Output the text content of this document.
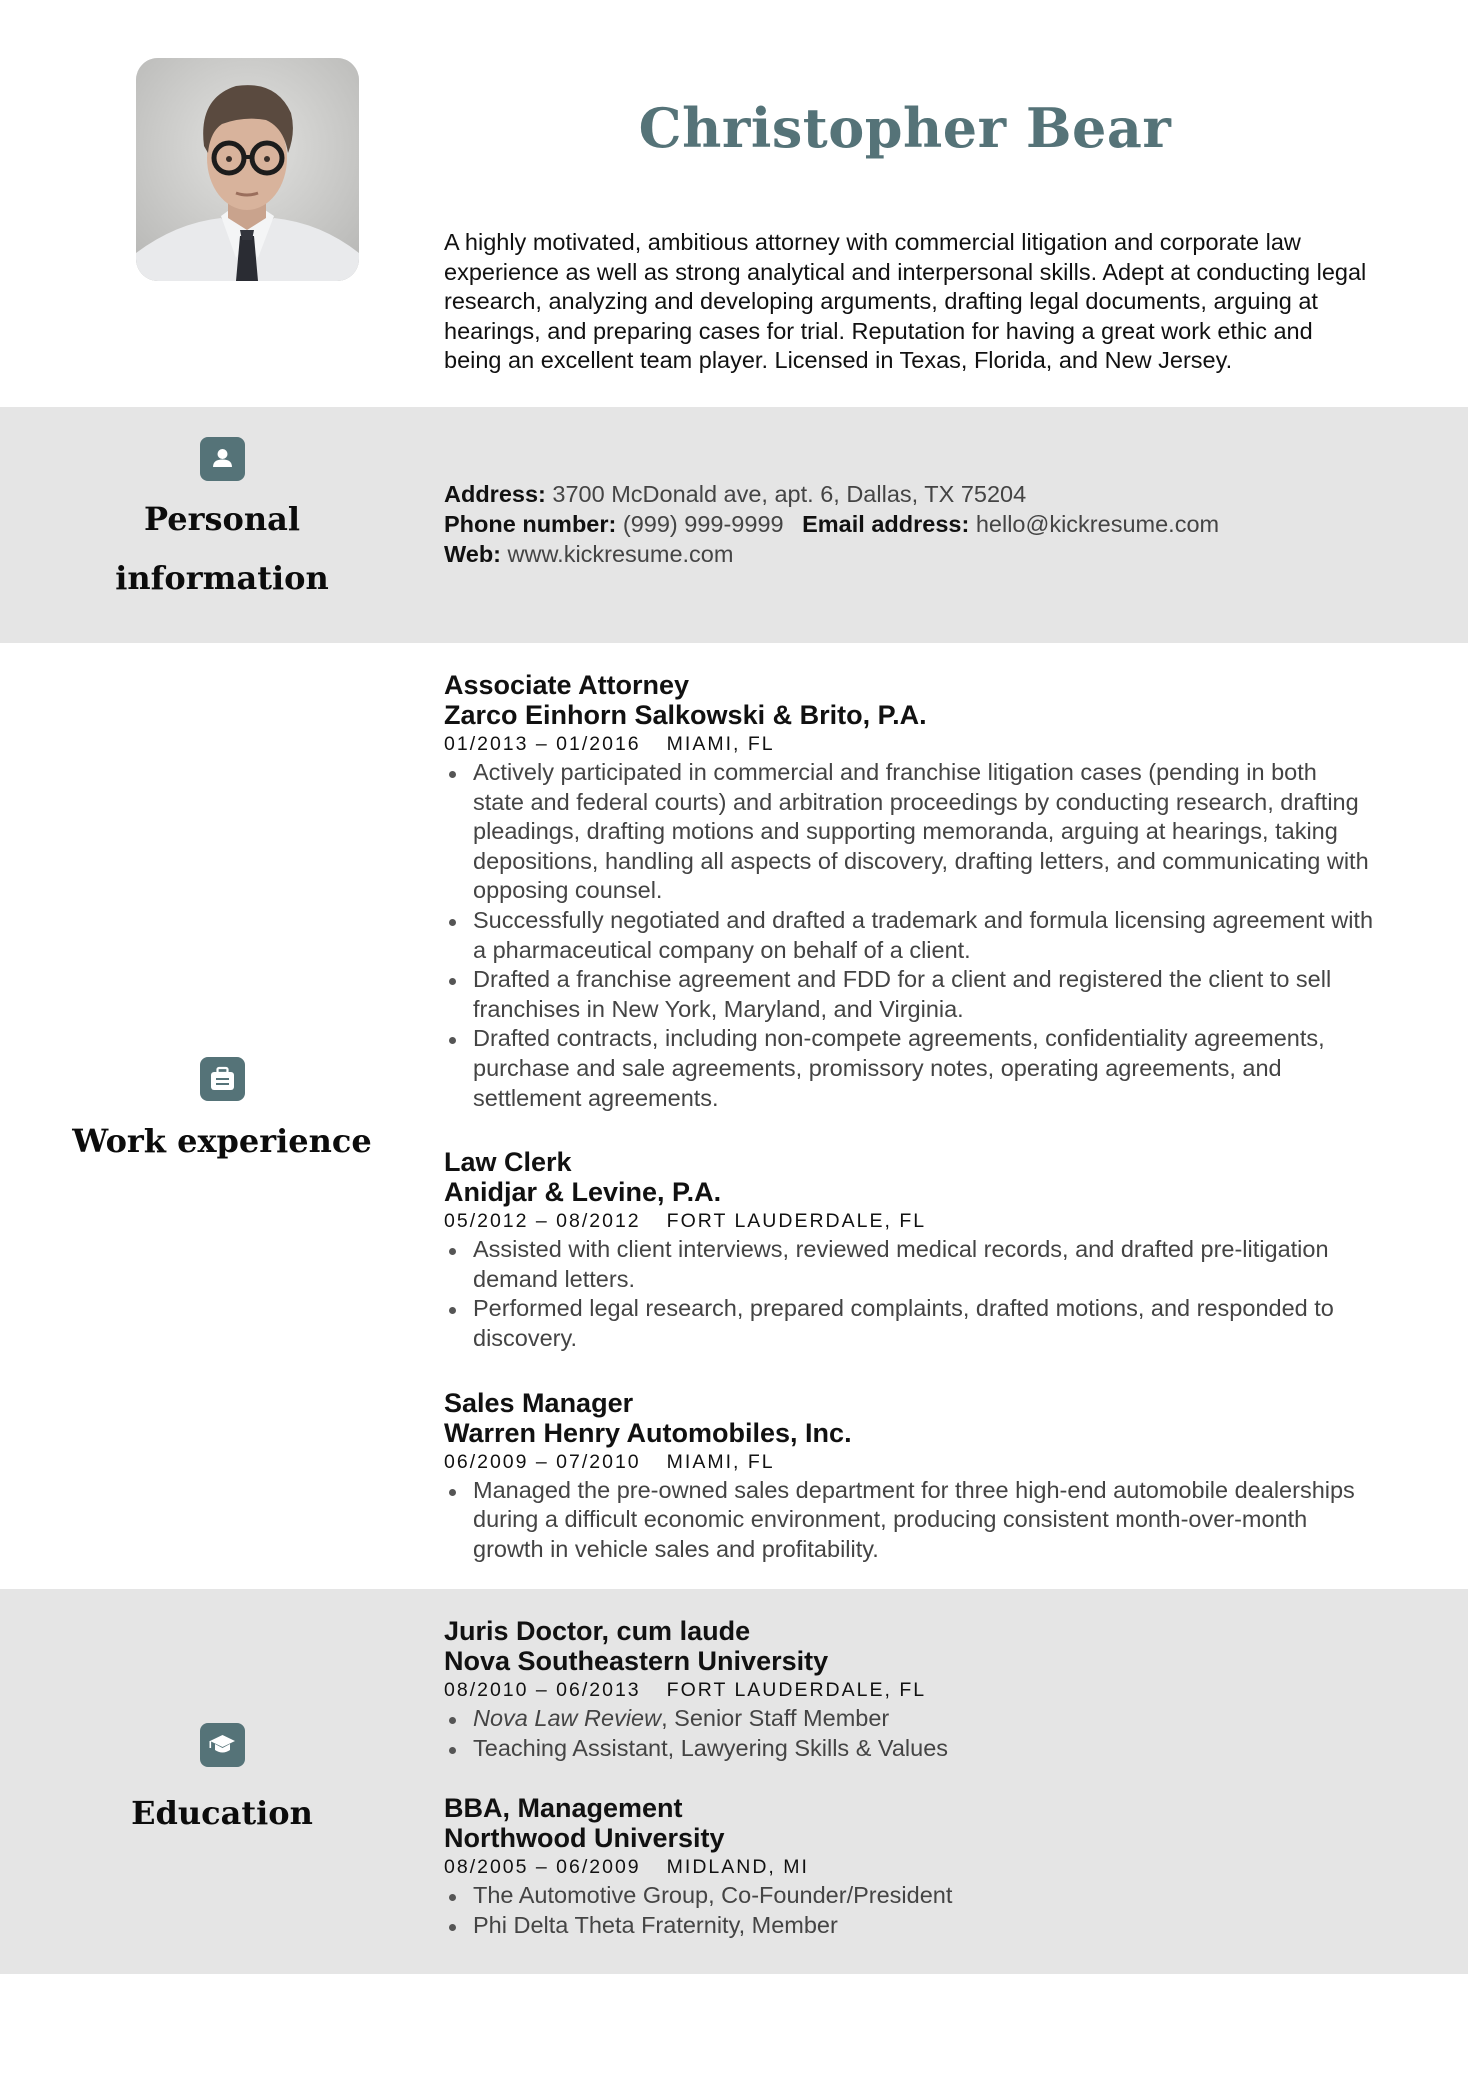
Christopher Bear

A highly motivated, ambitious attorney with commercial litigation and corporate law experience as well as strong analytical and interpersonal skills. Adept at conducting legal research, analyzing and developing arguments, drafting legal documents, arguing at hearings, and preparing cases for trial. Reputation for having a great work ethic and being an excellent team player. Licensed in Texas, Florida, and New Jersey.

Personal
information
Address: 3700 McDonald ave, apt. 6, Dallas, TX 75204
Phone number: (999) 999-9999 Email address: hello@kickresume.com
Web: www.kickresume.com
Work experience
Associate Attorney
Zarco Einhorn Salkowski & Brito, P.A.
01/2013 – 01/2016 MIAMI, FL
Actively participated in commercial and franchise litigation cases (pending in both state and federal courts) and arbitration proceedings by conducting research, drafting pleadings, drafting motions and supporting memoranda, arguing at hearings, taking depositions, handling all aspects of discovery, drafting letters, and communicating with opposing counsel.
Successfully negotiated and drafted a trademark and formula licensing agreement with a pharmaceutical company on behalf of a client.
Drafted a franchise agreement and FDD for a client and registered the client to sell franchises in New York, Maryland, and Virginia.
Drafted contracts, including non-compete agreements, confidentiality agreements, purchase and sale agreements, promissory notes, operating agreements, and settlement agreements.
Law Clerk
Anidjar & Levine, P.A.
05/2012 – 08/2012 FORT LAUDERDALE, FL
Assisted with client interviews, reviewed medical records, and drafted pre-litigation demand letters.
Performed legal research, prepared complaints, drafted motions, and responded to discovery.
Sales Manager
Warren Henry Automobiles, Inc.
06/2009 – 07/2010 MIAMI, FL
Managed the pre-owned sales department for three high-end automobile dealerships during a difficult economic environment, producing consistent month-over-month growth in vehicle sales and profitability.
Education
Juris Doctor, cum laude
Nova Southeastern University
08/2010 – 06/2013 FORT LAUDERDALE, FL
Nova Law Review, Senior Staff Member
Teaching Assistant, Lawyering Skills & Values
BBA, Management
Northwood University
08/2005 – 06/2009 MIDLAND, MI
The Automotive Group, Co-Founder/President
Phi Delta Theta Fraternity, Member
